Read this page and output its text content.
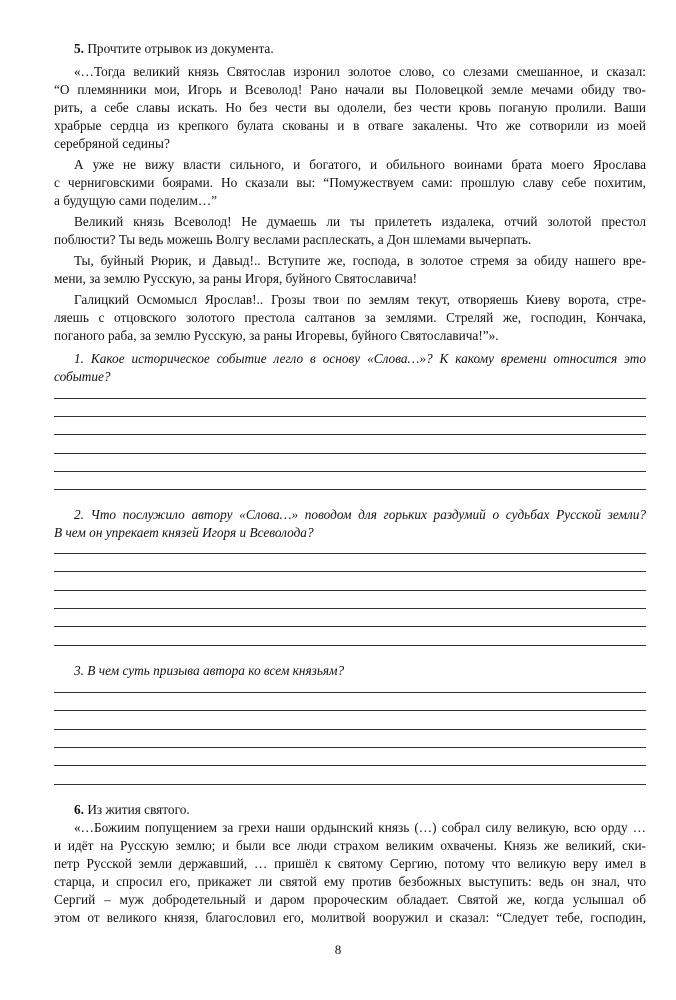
5. Прочтите отрывок из документа.
«…Тогда великий князь Святослав изронил золотое слово, со слезами смешанное, и сказал:
“О племянники мои, Игорь и Всеволод! Рано начали вы Половецкой земле мечами обиду тво-
рить, а себе славы искать. Но без чести вы одолели, без чести кровь поганую пролили. Ваши
храбрые сердца из крепкого булата скованы и в отваге закалены. Что же сотворили из моей
серебряной седины?
А уже не вижу власти сильного, и богатого, и обильного воинами брата моего Ярослава
с черниговскими боярами. Но сказали вы: “Помужествуем сами: прошлую славу себе похитим,
а будущую сами поделим…”
Великий князь Всеволод! Не думаешь ли ты прилететь издалека, отчий золотой престол
поблюсти? Ты ведь можешь Волгу веслами расплескать, а Дон шлемами вычерпать.
Ты, буйный Рюрик, и Давыд!.. Вступите же, господа, в золотое стремя за обиду нашего вре-
мени, за землю Русскую, за раны Игоря, буйного Святославича!
Галицкий Осмомысл Ярослав!.. Грозы твои по землям текут, отворяешь Киеву ворота, стре-
ляешь с отцовского золотого престола салтанов за землями. Стреляй же, господин, Кончака,
поганого раба, за землю Русскую, за раны Игоревы, буйного Святославича!”».
1. Какое историческое событие легло в основу «Слова…»? К какому времени относится это
событие?
2. Что послужило автору «Слова…» поводом для горьких раздумий о судьбах Русской земли?
В чем он упрекает князей Игоря и Всеволода?
3. В чем суть призыва автора ко всем князьям?
6. Из жития святого.
«…Божиим попущением за грехи наши ордынский князь (…) собрал силу великую, всю орду …
и идёт на Русскую землю; и были все люди страхом великим охвачены. Князь же великий, ски-
петр Русской земли державший, … пришёл к святому Сергию, потому что великую веру имел в
старца, и спросил его, прикажет ли святой ему против безбожных выступить: ведь он знал, что
Сергий – муж добродетельный и даром пророческим обладает. Святой же, когда услышал об
этом от великого князя, благословил его, молитвой вооружил и сказал: “Следует тебе, господин,
8
